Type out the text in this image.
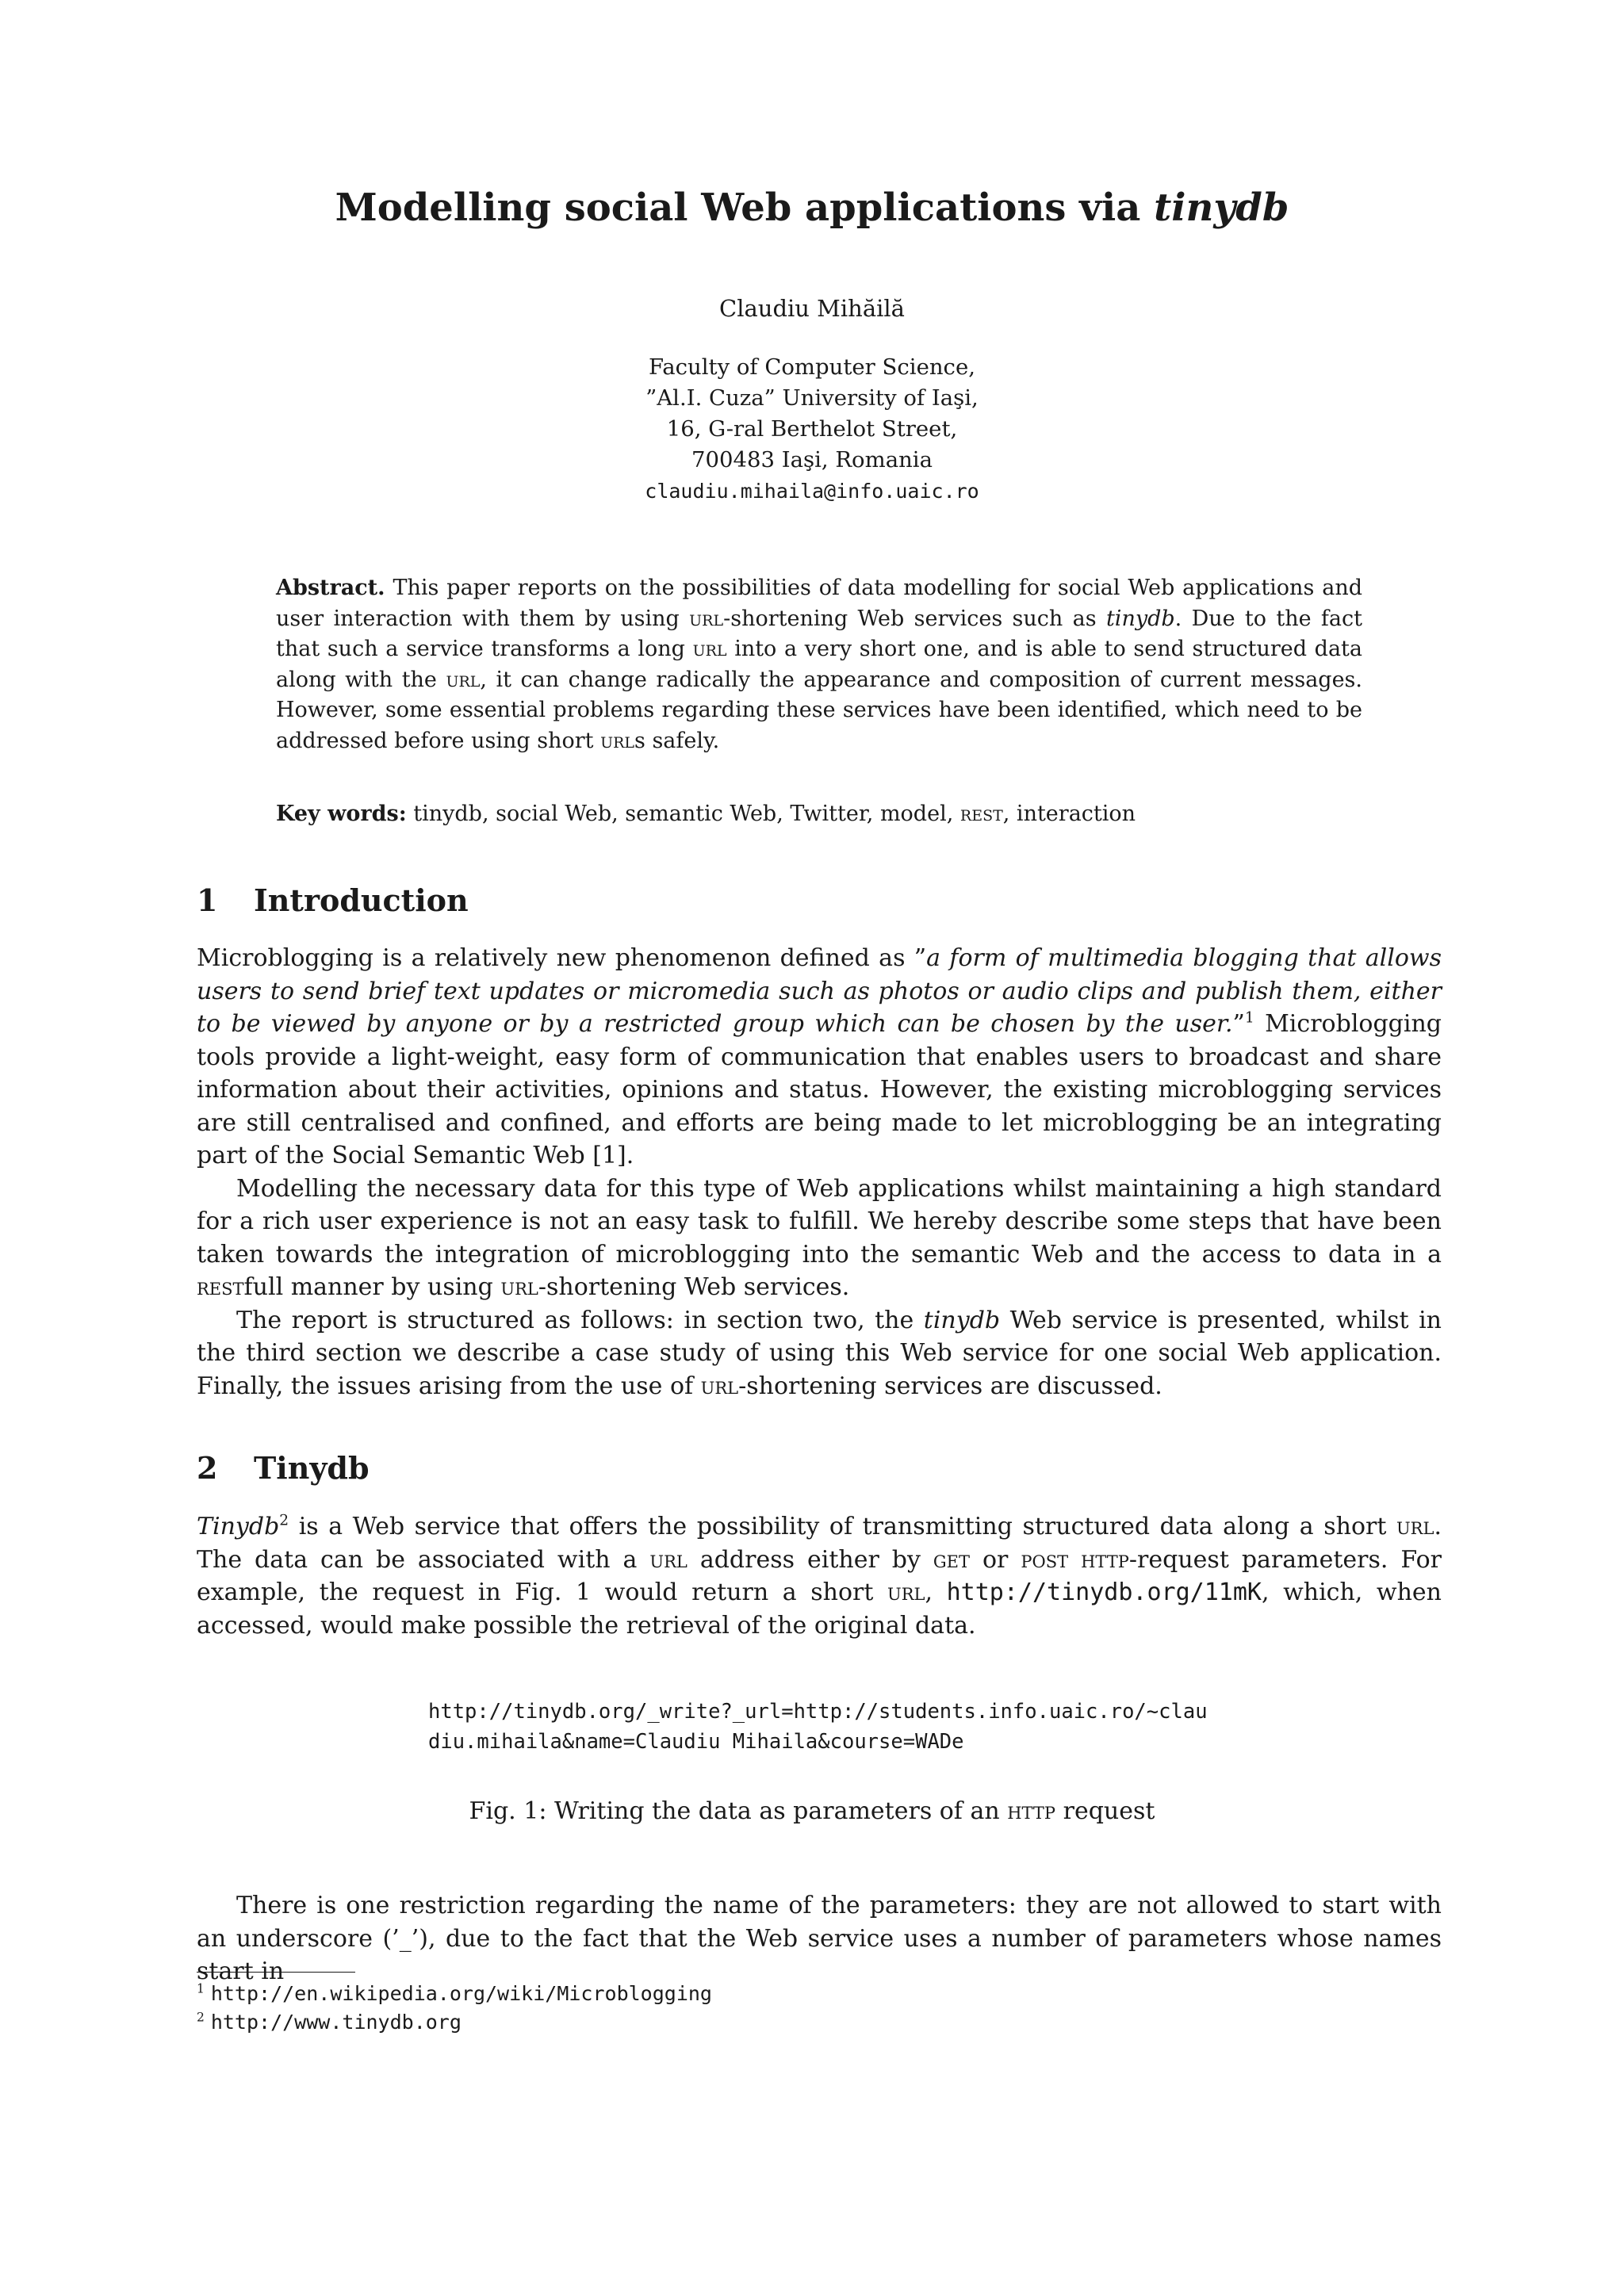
Modelling social Web applications via tinydb
Claudiu Mihăilă
Faculty of Computer Science,
”Al.I. Cuza” University of Iaşi,
16, G-ral Berthelot Street,
700483 Iaşi, Romania
claudiu.mihaila@info.uaic.ro

Abstract. This paper reports on the possibilities of data modelling for social Web applications and user interaction with them by using url-shortening Web services such as tinydb. Due to the fact that such a service transforms a long url into a very short one, and is able to send structured data along with the url, it can change radically the appearance and composition of current messages. However, some essential problems regarding these services have been identified, which need to be addressed before using short urls safely.

Key words: tinydb, social Web, semantic Web, Twitter, model, rest, interaction

1 Introduction

Microblogging is a relatively new phenomenon defined as ”a form of multimedia blogging that allows users to send brief text updates or micromedia such as photos or audio clips and publish them, either to be viewed by anyone or by a restricted group which can be chosen by the user.”$^1$ Microblogging tools provide a light-weight, easy form of communication that enables users to broadcast and share information about their activities, opinions and status. However, the existing microblogging services are still centralised and confined, and efforts are being made to let microblogging be an integrating part of the Social Semantic Web [1].

Modelling the necessary data for this type of Web applications whilst maintaining a high standard for a rich user experience is not an easy task to fulfill. We hereby describe some steps that have been taken towards the integration of microblogging into the semantic Web and the access to data in a restfull manner by using url-shortening Web services.

The report is structured as follows: in section two, the tinydb Web service is presented, whilst in the third section we describe a case study of using this Web service for one social Web application. Finally, the issues arising from the use of url-shortening services are discussed.

2 Tinydb

Tinydb$^2$ is a Web service that offers the possibility of transmitting structured data along a short url. The data can be associated with a url address either by get or post http-request parameters. For example, the request in Fig. 1 would return a short url, http://tinydb.org/11mK, which, when accessed, would make possible the retrieval of the original data.

http://tinydb.org/_write?_url=http://students.info.uaic.ro/~clau
diu.mihaila&name=Claudiu Mihaila&course=WADe
Fig. 1: Writing the data as parameters of an http request

There is one restriction regarding the name of the parameters: they are not allowed to start with an underscore (’_’), due to the fact that the Web service uses a number of parameters whose names start in

$^1$ http://en.wikipedia.org/wiki/Microblogging
$^2$ http://www.tinydb.org
